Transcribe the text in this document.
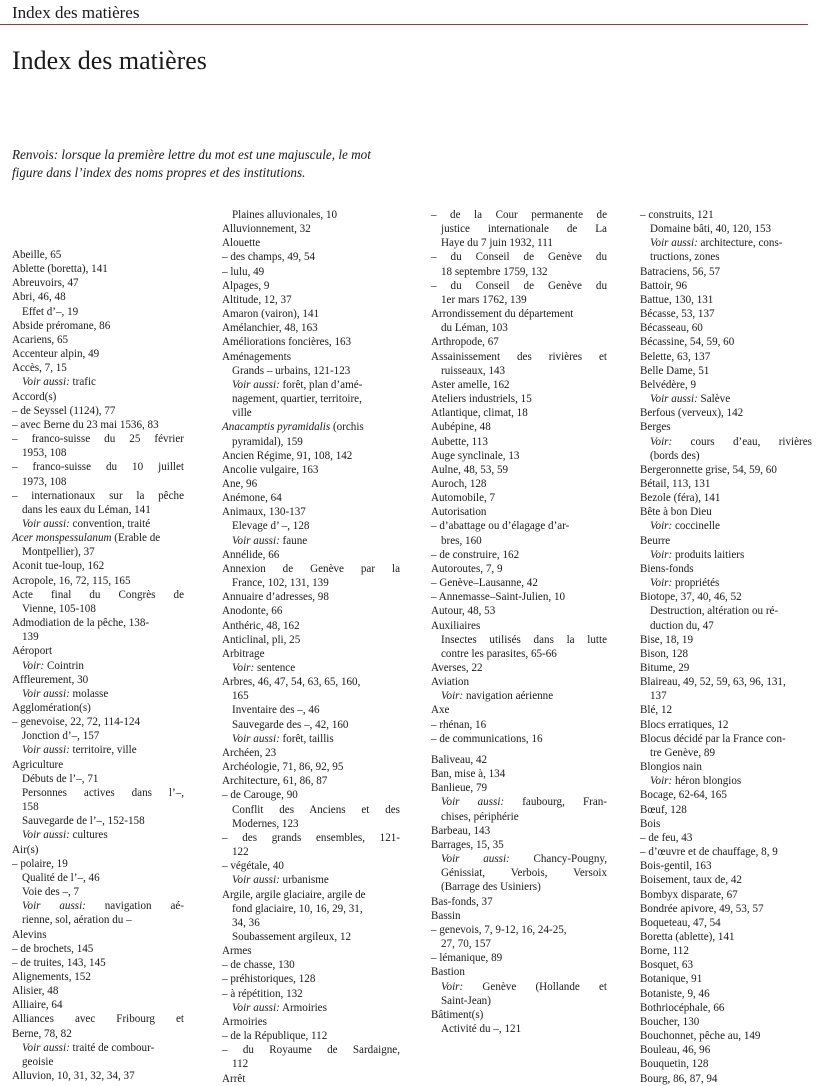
Index des matières
Index des matières
Renvois: lorsque la première lettre du mot est une majuscule, le mot figure dans l’index des noms propres et des institutions.
Abeille, 65
Ablette (boretta), 141
Abreuvoirs, 47
Abri, 46, 48
Effet d’–, 19
Abside préromane, 86
Acariens, 65
Accenteur alpin, 49
Accès, 7, 15
Voir aussi: trafic
Accord(s)
– de Seyssel (1124), 77
– avec Berne du 23 mai 1536, 83
– franco-suisse du 25 février
1953, 108
– franco-suisse du 10 juillet
1973, 108
– internationaux sur la pêche
dans les eaux du Léman, 141
Voir aussi: convention, traité
Acer monspessulanum (Erable de
Montpellier), 37
Aconit tue-loup, 162
Acropole, 16, 72, 115, 165
Acte final du Congrès de
Vienne, 105-108
Admodiation de la pêche, 138-
139
Aéroport
Voir: Cointrin
Affleurement, 30
Voir aussi: molasse
Agglomération(s)
– genevoise, 22, 72, 114-124
Jonction d’–, 157
Voir aussi: territoire, ville
Agriculture
Débuts de l’–, 71
Personnes actives dans l’–,
158
Sauvegarde de l’–, 152-158
Voir aussi: cultures
Air(s)
– polaire, 19
Qualité de l’–, 46
Voie des –, 7
Voir aussi: navigation aé-
rienne, sol, aération du –
Alevins
– de brochets, 145
– de truites, 143, 145
Alignements, 152
Alisier, 48
Alliaire, 64
Alliances avec Fribourg et
Berne, 78, 82
Voir aussi: traité de combour-
geoisie
Alluvion, 10, 31, 32, 34, 37
Plaines alluvionales, 10
Alluvionnement, 32
Alouette
– des champs, 49, 54
– lulu, 49
Alpages, 9
Altitude, 12, 37
Amaron (vairon), 141
Amélanchier, 48, 163
Améliorations foncières, 163
Aménagements
Grands – urbains, 121-123
Voir aussi: forêt, plan d’amé-
nagement, quartier, territoire,
ville
Anacamptis pyramidalis (orchis
pyramidal), 159
Ancien Régime, 91, 108, 142
Ancolie vulgaire, 163
Ane, 96
Anémone, 64
Animaux, 130-137
Elevage d’ –, 128
Voir aussi: faune
Annélide, 66
Annexion de Genève par la
France, 102, 131, 139
Annuaire d’adresses, 98
Anodonte, 66
Anthéric, 48, 162
Anticlinal, pli, 25
Arbitrage
Voir: sentence
Arbres, 46, 47, 54, 63, 65, 160,
165
Inventaire des –, 46
Sauvegarde des –, 42, 160
Voir aussi: forêt, taillis
Archéen, 23
Archéologie, 71, 86, 92, 95
Architecture, 61, 86, 87
– de Carouge, 90
Conflit des Anciens et des
Modernes, 123
– des grands ensembles, 121-
122
– végétale, 40
Voir aussi: urbanisme
Argile, argile glaciaire, argile de
fond glaciaire, 10, 16, 29, 31,
34, 36
Soubassement argileux, 12
Armes
– de chasse, 130
– préhistoriques, 128
– à répétition, 132
Voir aussi: Armoiries
Armoiries
– de la République, 112
– du Royaume de Sardaigne,
112
Arrêt
– de la Cour permanente de
justice internationale de La
Haye du 7 juin 1932, 111
– du Conseil de Genève du
18 septembre 1759, 132
– du Conseil de Genève du
1er mars 1762, 139
Arrondissement du département
du Léman, 103
Arthropode, 67
Assainissement des rivières et
ruisseaux, 143
Aster amelle, 162
Ateliers industriels, 15
Atlantique, climat, 18
Aubépine, 48
Aubette, 113
Auge synclinale, 13
Aulne, 48, 53, 59
Auroch, 128
Automobile, 7
Autorisation
– d’abattage ou d’élagage d’ar-
bres, 160
– de construire, 162
Autoroutes, 7, 9
– Genève–Lausanne, 42
– Annemasse–Saint-Julien, 10
Autour, 48, 53
Auxiliaires
Insectes utilisés dans la lutte
contre les parasites, 65-66
Averses, 22
Aviation
Voir: navigation aérienne
Axe
– rhénan, 16
– de communications, 16
Baliveau, 42
Ban, mise à, 134
Banlieue, 79
Voir aussi: faubourg, Fran-
chises, périphérie
Barbeau, 143
Barrages, 15, 35
Voir aussi: Chancy-Pougny,
Génissiat, Verbois, Versoix
(Barrage des Usiniers)
Bas-fonds, 37
Bassin
– genevois, 7, 9-12, 16, 24-25,
27, 70, 157
– lémanique, 89
Bastion
Voir: Genève (Hollande et
Saint-Jean)
Bâtiment(s)
Activité du –, 121
– construits, 121
Domaine bâti, 40, 120, 153
Voir aussi: architecture, cons-
tructions, zones
Batraciens, 56, 57
Battoir, 96
Battue, 130, 131
Bécasse, 53, 137
Bécasseau, 60
Bécassine, 54, 59, 60
Belette, 63, 137
Belle Dame, 51
Belvédère, 9
Voir aussi: Salève
Berfous (verveux), 142
Berges
Voir: cours d’eau, rivières
(bords des)
Bergeronnette grise, 54, 59, 60
Bétail, 113, 131
Bezole (féra), 141
Bête à bon Dieu
Voir: coccinelle
Beurre
Voir: produits laitiers
Biens-fonds
Voir: propriétés
Biotope, 37, 40, 46, 52
Destruction, altération ou ré-
duction du, 47
Bise, 18, 19
Bison, 128
Bitume, 29
Blaireau, 49, 52, 59, 63, 96, 131,
137
Blé, 12
Blocs erratiques, 12
Blocus décidé par la France con-
tre Genève, 89
Blongios nain
Voir: héron blongios
Bocage, 62-64, 165
Bœuf, 128
Bois
– de feu, 43
– d’œuvre et de chauffage, 8, 9
Bois-gentil, 163
Boisement, taux de, 42
Bombyx disparate, 67
Bondrée apivore, 49, 53, 57
Boqueteau, 47, 54
Boretta (ablette), 141
Borne, 112
Bosquet, 63
Botanique, 91
Botaniste, 9, 46
Bothriocéphale, 66
Boucher, 130
Bouchonnet, pêche au, 149
Bouleau, 46, 96
Bouquetin, 128
Bourg, 86, 87, 94
